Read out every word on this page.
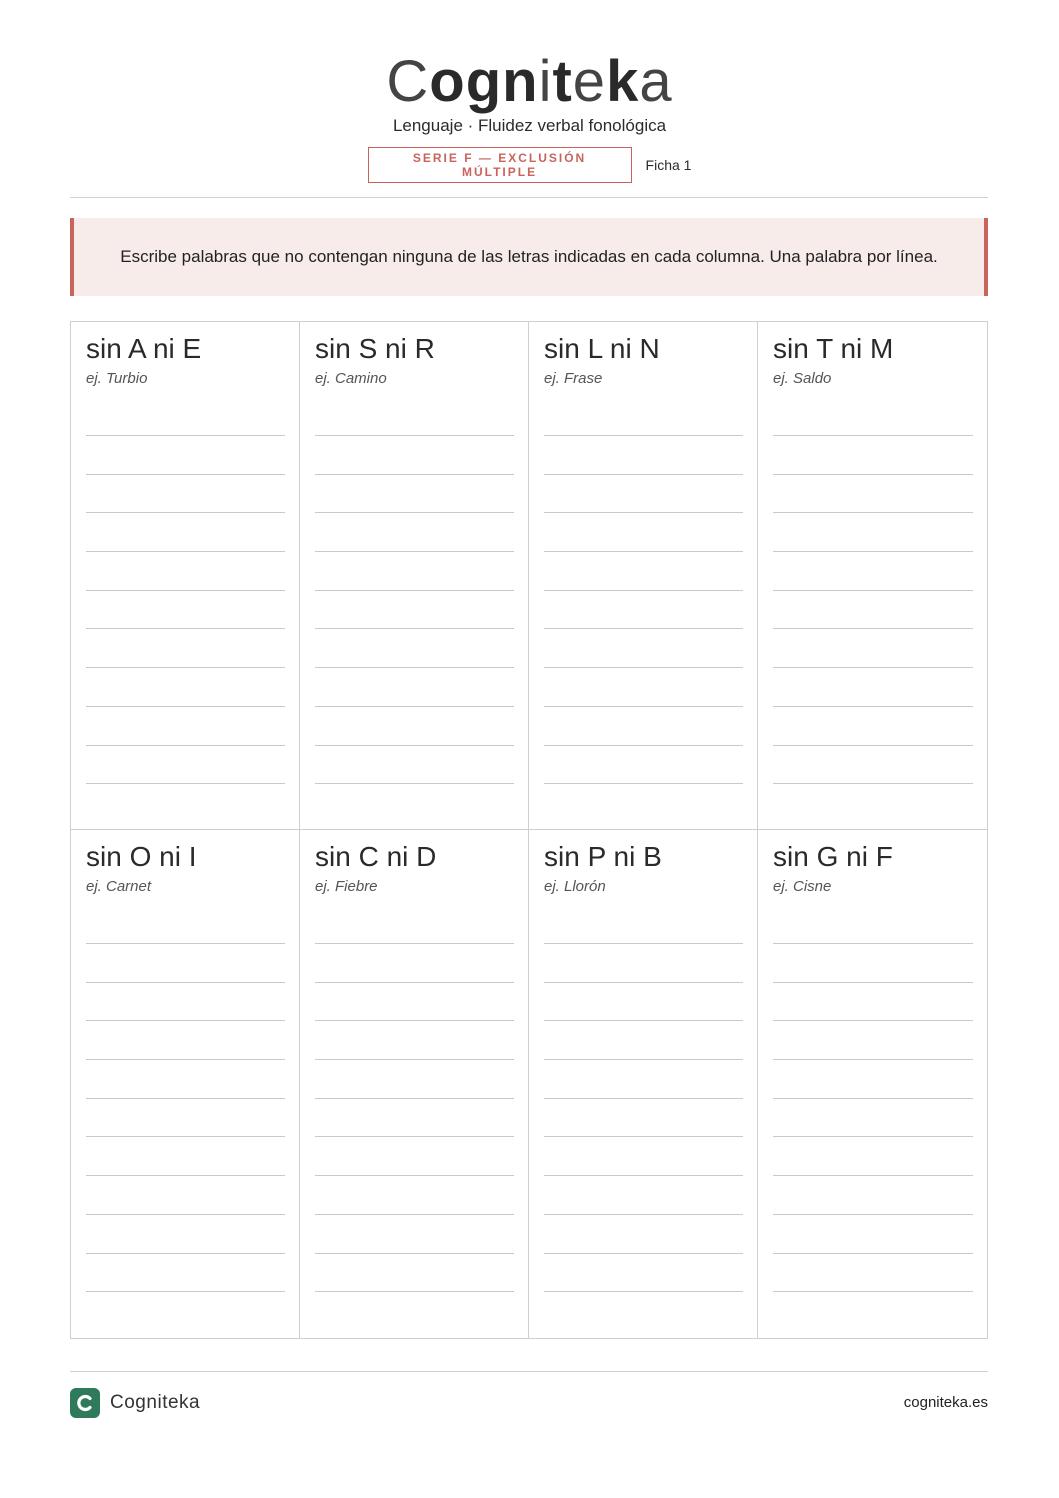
Cogniteka
Lenguaje · Fluidez verbal fonológica
SERIE F — EXCLUSIÓN MÚLTIPLE	Ficha 1
Escribe palabras que no contengan ninguna de las letras indicadas en cada columna. Una palabra por línea.
sin A ni E
ej. Turbio
sin S ni R
ej. Camino
sin L ni N
ej. Frase
sin T ni M
ej. Saldo
sin O ni I
ej. Carnet
sin C ni D
ej. Fiebre
sin P ni B
ej. Llorón
sin G ni F
ej. Cisne
Cogniteka	cogniteka.es
